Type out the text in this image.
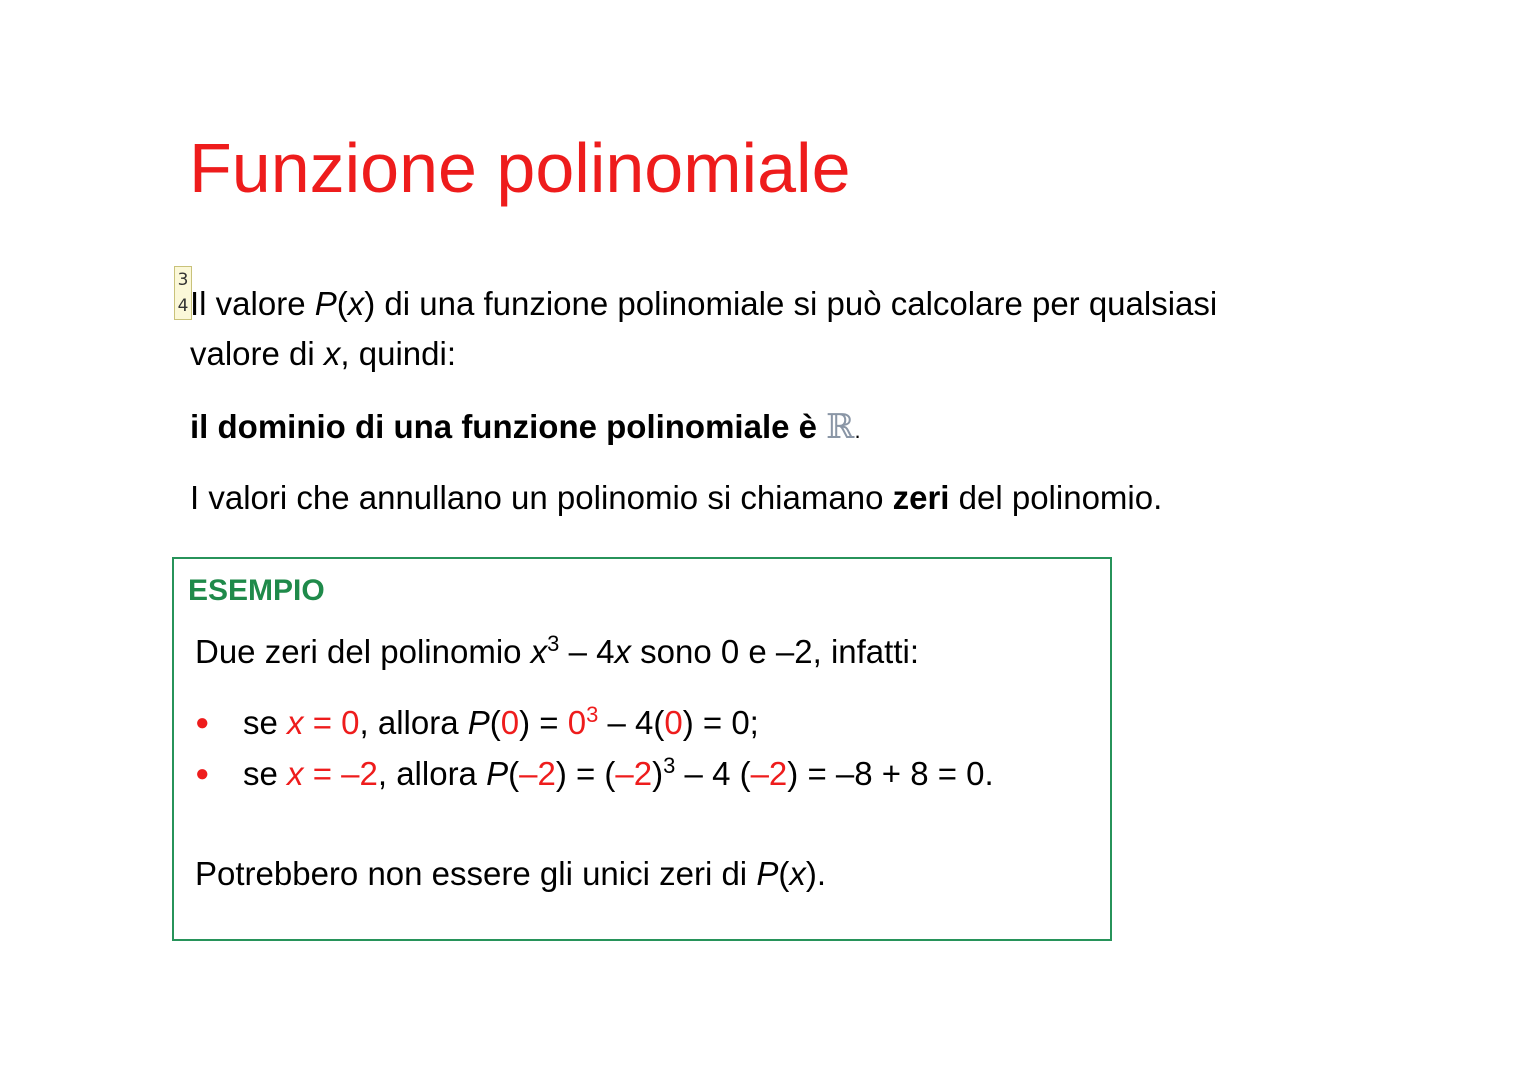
Funzione polinomiale
3
4 Il valore P(x) di una funzione polinomiale si può calcolare per qualsiasi
valore di x, quindi:
il dominio di una funzione polinomiale è ℝ.
I valori che annullano un polinomio si chiamano zeri del polinomio.
ESEMPIO
Due zeri del polinomio $x^3 - 4x$ sono 0 e –2, infatti:
● se x = 0, allora $P(0) = 0^3 - 4(0) = 0$;
● se x = –2, allora $P(-2) = (-2)^3 - 4$ (–2) = –8 + 8 = 0.
Potrebbero non essere gli unici zeri di P(x).
